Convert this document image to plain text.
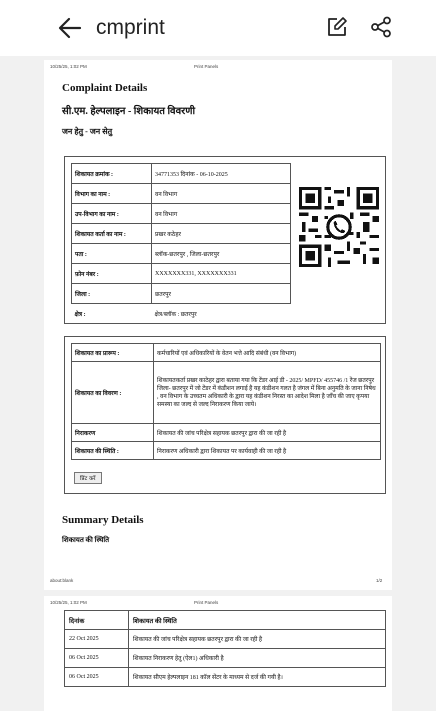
cmprint
10/25/25, 1:02 PM	Print Panels
Complaint Details
सी.एम. हेल्पलाइन - शिकायत विवरणी
जन हेतु - जन सेतु
शिकायत क्रमांक :	34771353 दिनांक - 06-10-2025
विभाग का नाम :	वन विभाग
उप-विभाग का नाम :	वन विभाग
शिकायत कर्ता का नाम :	प्रखर कठेहर
पता :	ब्लॉक-छतरपुर , जिला-छतरपुर
फ़ोन नंबर :	XXXXXXX331, XXXXXXX331
जिला :	छतरपुर
क्षेत्र :	क्षेत्र/ब्लॉक : छतरपुर
शिकायत का प्रारूप :	कर्मचारियों एवं अधिकारियों के वेतन भत्ते आदि संबंधी (वन विभाग)
शिकायत का विवरण :	शिकायतकर्ता प्रखर काठेहर द्वारा बताया गया कि टेंडर आई डी - 2025/ MPFD/ 455746 /1 रेंज छतरपुर जिला- छतरपुर में जो टेंडर में कंडीशन लगाई है यह कंडीशन गलत है जंगल में बिना अनुमति के जाना निषेध , वन विभाग के उच्चतम अधिकारी के द्वारा यह कंडीशन निरस्त का आदेश मिला है जाँच की जाए कृपया समस्या का जल्द से जल्द निराकरण किया जाये।
निराकरण	शिकायत की जांच परिक्षेत्र सहायक छतरपुर द्वारा की जा रही है
शिकायत की स्थिति :	निराकरण अधिकारी द्वारा शिकायत पर कार्यवाही की जा रही है
प्रिंट करें
Summary Details
शिकायत की स्थिति
about:blank	1/2
10/25/25, 1:02 PM	Print Panels
दिनांक	शिकायत की स्थिति
22 Oct 2025	शिकायत की जांच परिक्षेत्र सहायक छतरपुर द्वारा की जा रही है
06 Oct 2025	शिकायत निराकरण हेतु (ऐल1) अधिकारी है
06 Oct 2025	शिकायत सीएम हेल्पलाइन 181 कॉल सेंटर के माध्यम से दर्ज की गयी है।
